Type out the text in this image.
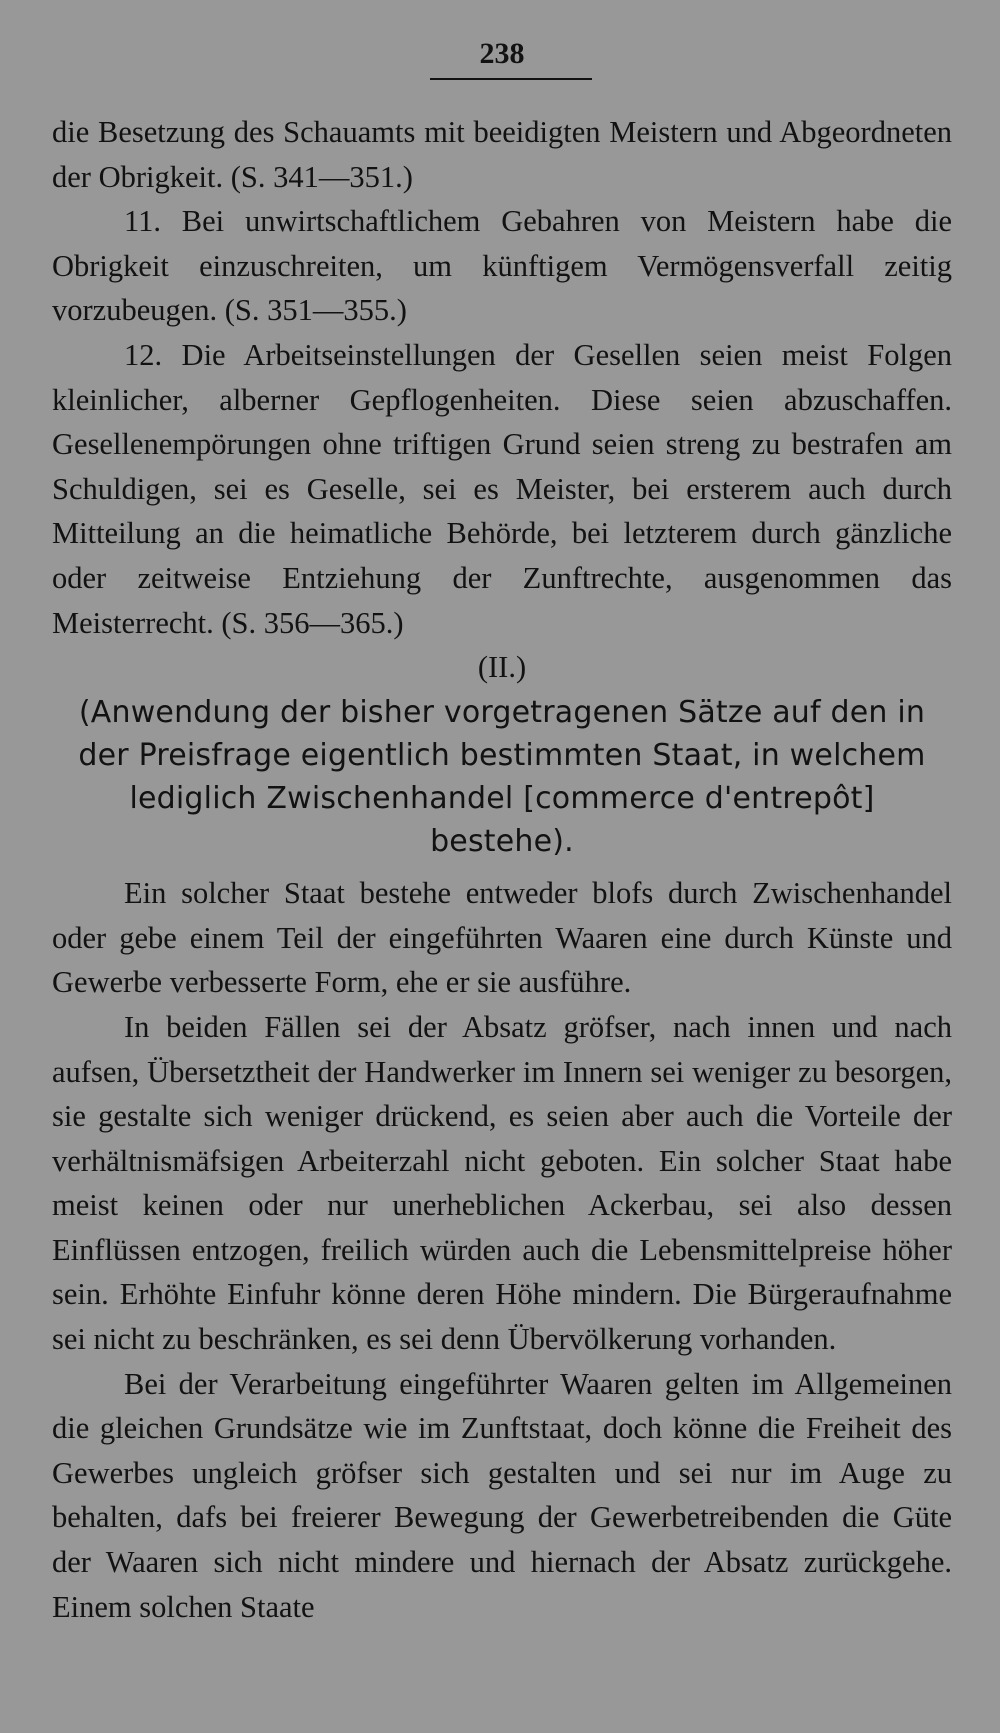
238

die Besetzung des Schauamts mit beeidigten Meistern und Abgeordneten der Obrigkeit. (S. 341—351.)

11. Bei unwirtschaftlichem Gebahren von Meistern habe die Obrigkeit einzuschreiten, um künftigem Vermögensverfall zeitig vorzubeugen. (S. 351—355.)

12. Die Arbeitseinstellungen der Gesellen seien meist Folgen kleinlicher, alberner Gepflogenheiten. Diese seien abzuschaffen. Gesellenempörungen ohne triftigen Grund seien streng zu bestrafen am Schuldigen, sei es Geselle, sei es Meister, bei ersterem auch durch Mitteilung an die heimatliche Behörde, bei letzterem durch gänzliche oder zeitweise Entziehung der Zunftrechte, ausgenommen das Meisterrecht. (S. 356—365.)

(II.)

(Anwendung der bisher vorgetragenen Sätze auf den in
der Preisfrage eigentlich bestimmten Staat, in welchem
lediglich Zwischenhandel [commerce d'entrepôt]
bestehe).

Ein solcher Staat bestehe entweder blofs durch Zwischenhandel oder gebe einem Teil der eingeführten Waaren eine durch Künste und Gewerbe verbesserte Form, ehe er sie ausführe.

In beiden Fällen sei der Absatz gröfser, nach innen und nach aufsen, Übersetztheit der Handwerker im Innern sei weniger zu besorgen, sie gestalte sich weniger drückend, es seien aber auch die Vorteile der verhältnismäfsigen Arbeiterzahl nicht geboten. Ein solcher Staat habe meist keinen oder nur unerheblichen Ackerbau, sei also dessen Einflüssen entzogen, freilich würden auch die Lebensmittelpreise höher sein. Erhöhte Einfuhr könne deren Höhe mindern. Die Bürgeraufnahme sei nicht zu beschränken, es sei denn Übervölkerung vorhanden.

Bei der Verarbeitung eingeführter Waaren gelten im Allgemeinen die gleichen Grundsätze wie im Zunftstaat, doch könne die Freiheit des Gewerbes ungleich gröfser sich gestalten und sei nur im Auge zu behalten, dafs bei freierer Bewegung der Gewerbetreibenden die Güte der Waaren sich nicht mindere und hiernach der Absatz zurückgehe. Einem solchen Staate
